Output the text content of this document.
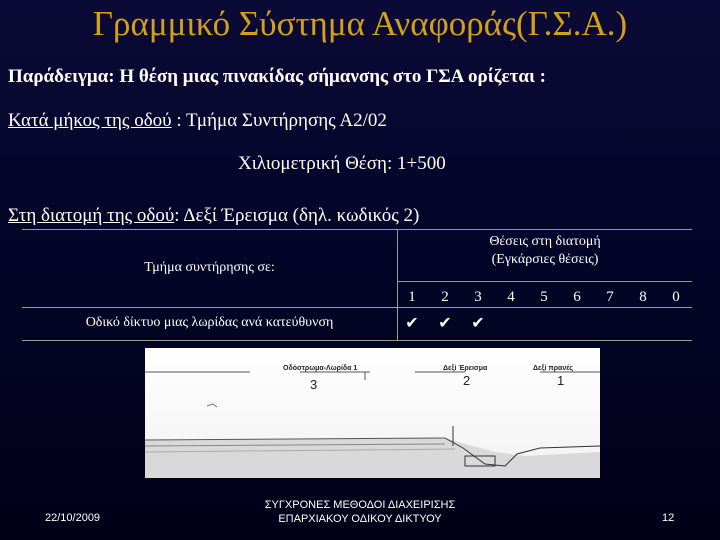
Γραμμικό Σύστημα Αναφοράς(Γ.Σ.Α.)
Παράδειγμα: Η θέση μιας πινακίδας σήμανσης στο ΓΣΑ ορίζεται :
Κατά μήκος της οδού : Τμήμα Συντήρησης Α2/02
Χιλιομετρική Θέση: 1+500
Στη διατομή της οδού: Δεξί Έρεισμα (δηλ. κωδικός 2)
Τμήμα συντήρησης σε:
Θέσεις στη διατομή
(Εγκάρσιες θέσεις)
1	2	3	4	5	6	7	8	0
Οδικό δίκτυο μιας λωρίδας ανά κατεύθυνση	✔	✔	✔
Οδόστρωμα-Λωρίδα 1	Δεξί Έρεισμα	Δεξί πρανές
3	2	1
22/10/2009
ΣΥΓΧΡΟΝΕΣ ΜΕΘΟΔΟΙ ΔΙΑΧΕΙΡΙΣΗΣ
ΕΠΑΡΧΙΑΚΟΥ ΟΔΙΚΟΥ ΔΙΚΤΥΟΥ	12
